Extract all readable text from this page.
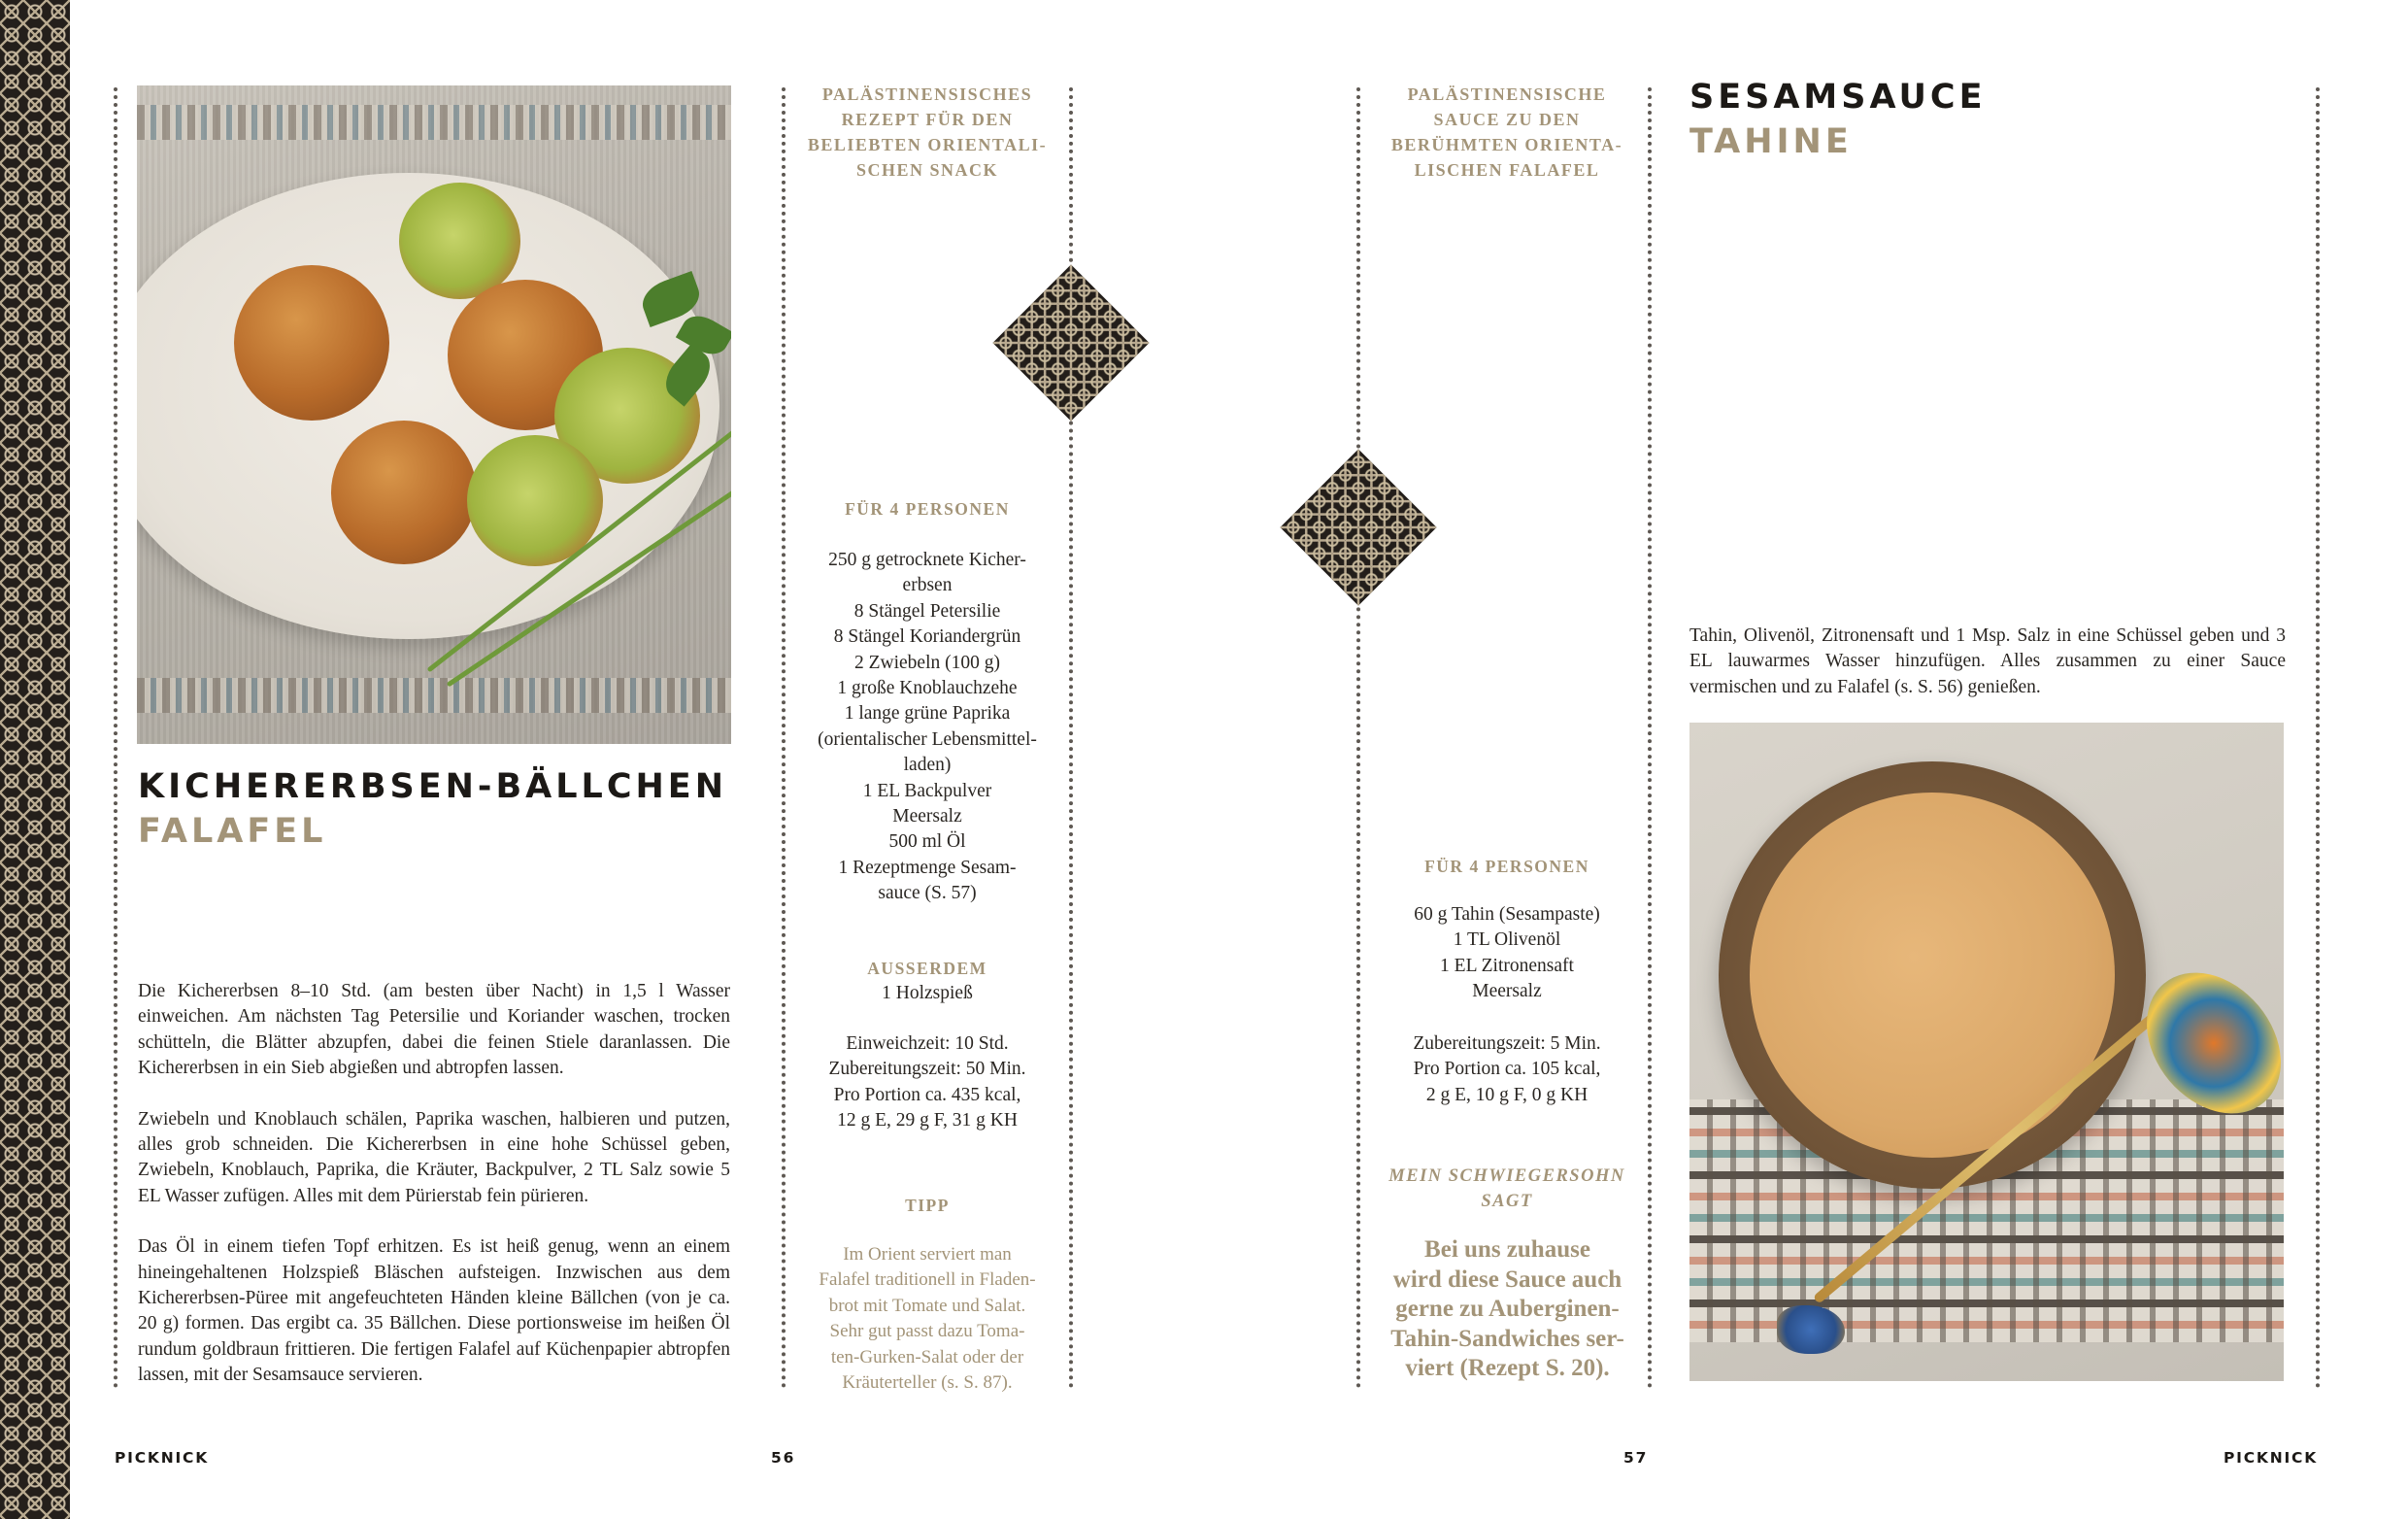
KICHERERBSEN-BÄLLCHEN
FALAFEL

Die Kichererbsen 8–10 Std. (am besten über Nacht) in 1,5 l Wasser einweichen. Am nächsten Tag Petersilie und Koriander waschen, trocken schütteln, die Blätter abzupfen, dabei die feinen Stiele daranlassen. Die Kichererbsen in ein Sieb abgießen und abtropfen lassen.

Zwiebeln und Knoblauch schälen, Paprika waschen, halbieren und putzen, alles grob schneiden. Die Kichererbsen in eine hohe Schüssel geben, Zwiebeln, Knoblauch, Paprika, die Kräuter, Backpulver, 2 TL Salz sowie 5 EL Wasser zufügen. Alles mit dem Pürierstab fein pürieren.

Das Öl in einem tiefen Topf erhitzen. Es ist heiß genug, wenn an einem hineingehaltenen Holzspieß Bläschen aufsteigen. Inzwischen aus dem Kichererbsen-Püree mit angefeuchteten Händen kleine Bällchen (von je ca. 20 g) formen. Das ergibt ca. 35 Bällchen. Diese portionsweise im heißen Öl rundum goldbraun frittieren. Die fertigen Falafel auf Küchenpapier abtropfen lassen, mit der Sesamsauce servieren.

PALÄSTINENSISCHES
REZEPT FÜR DEN
BELIEBTEN ORIENTALI-
SCHEN SNACK
FÜR 4 PERSONEN
250 g getrocknete Kicher-
erbsen
8 Stängel Petersilie
8 Stängel Koriandergrün
2 Zwiebeln (100 g)
1 große Knoblauchzehe
1 lange grüne Paprika
(orientalischer Lebensmittel-
laden)
1 EL Backpulver
Meersalz
500 ml Öl
1 Rezeptmenge Sesam-
sauce (S. 57)
AUSSERDEM
1 Holzspieß
Einweichzeit: 10 Std.
Zubereitungszeit: 50 Min.
Pro Portion ca. 435 kcal,
12 g E, 29 g F, 31 g KH
TIPP
Im Orient serviert man
Falafel traditionell in Fladen-
brot mit Tomate und Salat.
Sehr gut passt dazu Toma-
ten-Gurken-Salat oder der
Kräuterteller (s. S. 87).
PALÄSTINENSISCHE
SAUCE ZU DEN
BERÜHMTEN ORIENTA-
LISCHEN FALAFEL
FÜR 4 PERSONEN
60 g Tahin (Sesampaste)
1 TL Olivenöl
1 EL Zitronensaft
Meersalz
Zubereitungszeit: 5 Min.
Pro Portion ca. 105 kcal,
2 g E, 10 g F, 0 g KH
MEIN SCHWIEGERSOHN
SAGT
Bei uns zuhause
wird diese Sauce auch
gerne zu Auberginen-
Tahin-Sandwiches ser-
viert (Rezept S. 20).
SESAMSAUCE
TAHINE
Tahin, Olivenöl, Zitronensaft und 1 Msp. Salz in eine Schüssel geben und 3 EL lauwarmes Wasser hinzufügen. Alles zusammen zu einer Sauce vermischen und zu Falafel (s. S. 56) genießen.
PICKNICK	56	57	PICKNICK
